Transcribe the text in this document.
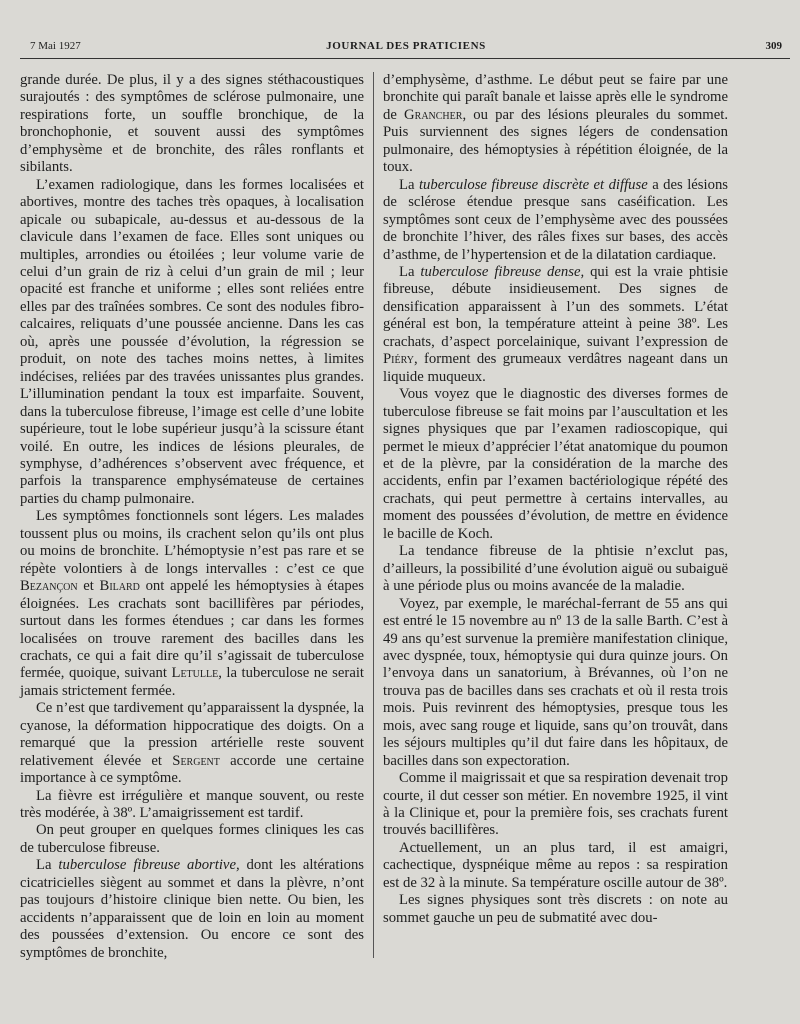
7 Mai 1927	JOURNAL DES PRATICIENS	309

grande durée. De plus, il y a des signes stéthacoustiques surajoutés : des symptômes de sclérose pulmonaire, une respirations forte, un souffle bronchique, de la bronchophonie, et souvent aussi des symptômes d’emphysème et de bronchite, des râles ronflants et sibilants.

L’examen radiologique, dans les formes localisées et abortives, montre des taches très opaques, à localisation apicale ou subapicale, au-dessus et au-dessous de la clavicule dans l’examen de face. Elles sont uniques ou multiples, arrondies ou étoilées ; leur volume varie de celui d’un grain de riz à celui d’un grain de mil ; leur opacité est franche et uniforme ; elles sont reliées entre elles par des traînées sombres. Ce sont des nodules fibro-calcaires, reliquats d’une poussée ancienne. Dans les cas où, après une poussée d’évolution, la régression se produit, on note des taches moins nettes, à limites indécises, reliées par des travées unissantes plus grandes. L’illumination pendant la toux est imparfaite. Souvent, dans la tuberculose fibreuse, l’image est celle d’une lobite supérieure, tout le lobe supérieur jusqu’à la scissure étant voilé. En outre, les indices de lésions pleurales, de symphyse, d’adhérences s’observent avec fréquence, et parfois la transparence emphysémateuse de certaines parties du champ pulmonaire.

Les symptômes fonctionnels sont légers. Les malades toussent plus ou moins, ils crachent selon qu’ils ont plus ou moins de bronchite. L’hémoptysie n’est pas rare et se répète volontiers à de longs intervalles : c’est ce que Bezançon et Bilard ont appelé les hémoptysies à étapes éloignées. Les crachats sont bacillifères par périodes, surtout dans les formes étendues ; car dans les formes localisées on trouve rarement des bacilles dans les crachats, ce qui a fait dire qu’il s’agissait de tuberculose fermée, quoique, suivant Letulle, la tuberculose ne serait jamais strictement fermée.

Ce n’est que tardivement qu’apparaissent la dyspnée, la cyanose, la déformation hippocratique des doigts. On a remarqué que la pression artérielle reste souvent relativement élevée et Sergent accorde une certaine importance à ce symptôme.

La fièvre est irrégulière et manque souvent, ou reste très modérée, à 38º. L’amaigrissement est tardif.

On peut grouper en quelques formes cliniques les cas de tuberculose fibreuse.

La tuberculose fibreuse abortive, dont les altérations cicatricielles siègent au sommet et dans la plèvre, n’ont pas toujours d’histoire clinique bien nette. Ou bien, les accidents n’apparaissent que de loin en loin au moment des poussées d’extension. Ou encore ce sont des symptômes de bronchite,

d’emphysème, d’asthme. Le début peut se faire par une bronchite qui paraît banale et laisse après elle le syndrome de Grancher, ou par des lésions pleurales du sommet. Puis surviennent des signes légers de condensation pulmonaire, des hémoptysies à répétition éloignée, de la toux.

La tuberculose fibreuse discrète et diffuse a des lésions de sclérose étendue presque sans caséification. Les symptômes sont ceux de l’emphysème avec des poussées de bronchite l’hiver, des râles fixes sur bases, des accès d’asthme, de l’hypertension et de la dilatation cardiaque.

La tuberculose fibreuse dense, qui est la vraie phtisie fibreuse, débute insidieusement. Des signes de densification apparaissent à l’un des sommets. L’état général est bon, la température atteint à peine 38º. Les crachats, d’aspect porcelainique, suivant l’expression de Piéry, forment des grumeaux verdâtres nageant dans un liquide muqueux.

Vous voyez que le diagnostic des diverses formes de tuberculose fibreuse se fait moins par l’auscultation et les signes physiques que par l’examen radioscopique, qui permet le mieux d’apprécier l’état anatomique du poumon et de la plèvre, par la considération de la marche des accidents, enfin par l’examen bactériologique répété des crachats, qui peut permettre à certains intervalles, au moment des poussées d’évolution, de mettre en évidence le bacille de Koch.

La tendance fibreuse de la phtisie n’exclut pas, d’ailleurs, la possibilité d’une évolution aiguë ou subaiguë à une période plus ou moins avancée de la maladie.

Voyez, par exemple, le maréchal-ferrant de 55 ans qui est entré le 15 novembre au nº 13 de la salle Barth. C’est à 49 ans qu’est survenue la première manifestation clinique, avec dyspnée, toux, hémoptysie qui dura quinze jours. On l’envoya dans un sanatorium, à Brévannes, où l’on ne trouva pas de bacilles dans ses crachats et où il resta trois mois. Puis revinrent des hémoptysies, presque tous les mois, avec sang rouge et liquide, sans qu’on trouvât, dans les séjours multiples qu’il dut faire dans les hôpitaux, de bacilles dans son expectoration.

Comme il maigrissait et que sa respiration devenait trop courte, il dut cesser son métier. En novembre 1925, il vint à la Clinique et, pour la première fois, ses crachats furent trouvés bacillifères.

Actuellement, un an plus tard, il est amaigri, cachectique, dyspnéique même au repos : sa respiration est de 32 à la minute. Sa température oscille autour de 38º.

Les signes physiques sont très discrets : on note au sommet gauche un peu de submatité avec dou-
